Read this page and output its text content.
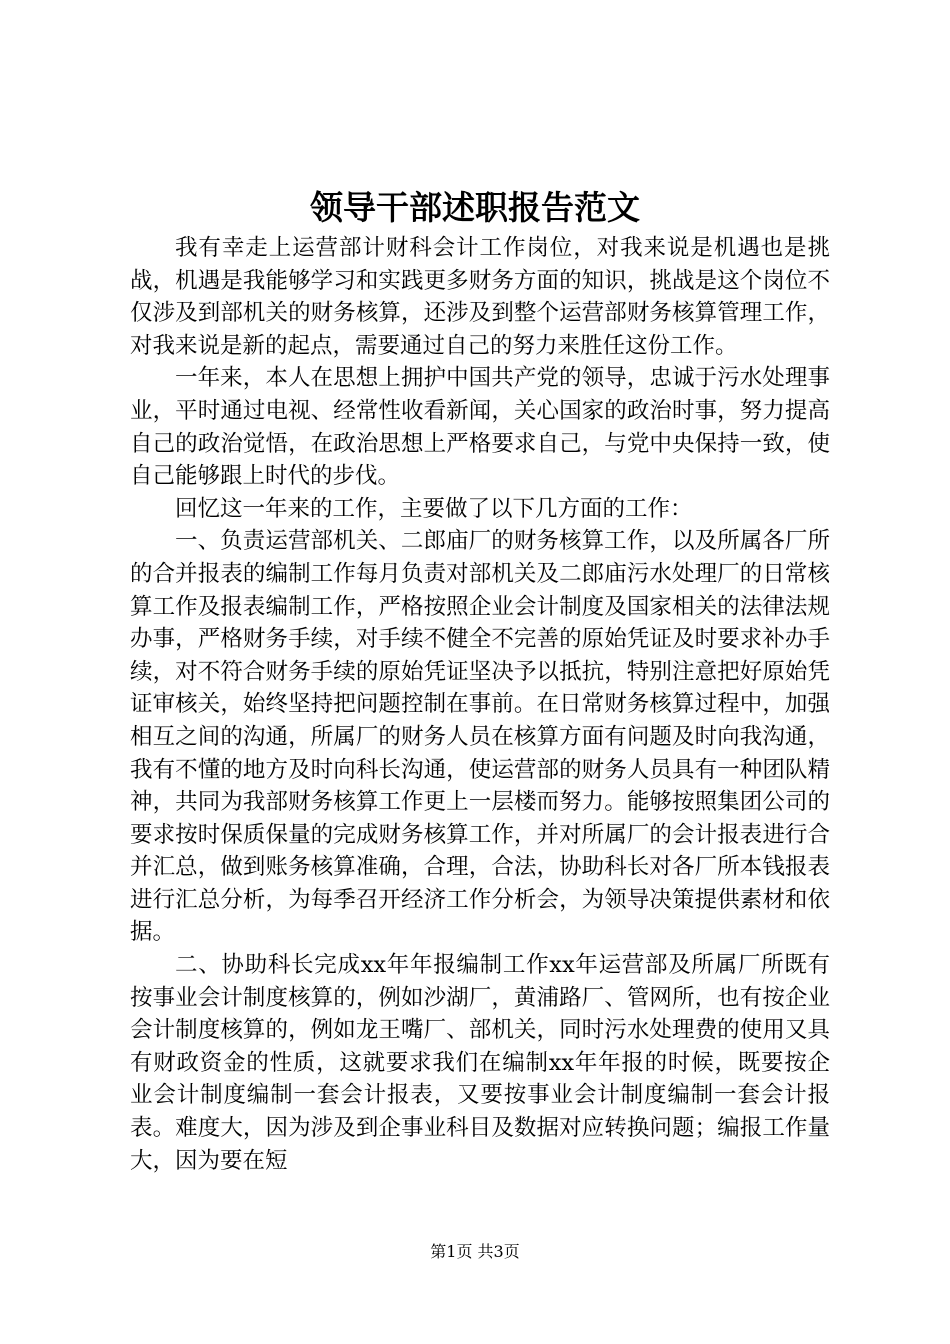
领导干部述职报告范文

我有幸走上运营部计财科会计工作岗位，对我来说是机遇也是挑战，机遇是我能够学习和实践更多财务方面的知识，挑战是这个岗位不仅涉及到部机关的财务核算，还涉及到整个运营部财务核算管理工作，对我来说是新的起点，需要通过自己的努力来胜任这份工作。

一年来，本人在思想上拥护中国共产党的领导，忠诚于污水处理事业，平时通过电视、经常性收看新闻，关心国家的政治时事，努力提高自己的政治觉悟，在政治思想上严格要求自己，与党中央保持一致，使自己能够跟上时代的步伐。

回忆这一年来的工作，主要做了以下几方面的工作：

一、负责运营部机关、二郎庙厂的财务核算工作，以及所属各厂所的合并报表的编制工作每月负责对部机关及二郎庙污水处理厂的日常核算工作及报表编制工作，严格按照企业会计制度及国家相关的法律法规办事，严格财务手续，对手续不健全不完善的原始凭证及时要求补办手续，对不符合财务手续的原始凭证坚决予以抵抗，特别注意把好原始凭证审核关，始终坚持把问题控制在事前。在日常财务核算过程中，加强相互之间的沟通，所属厂的财务人员在核算方面有问题及时向我沟通，我有不懂的地方及时向科长沟通，使运营部的财务人员具有一种团队精神，共同为我部财务核算工作更上一层楼而努力。能够按照集团公司的要求按时保质保量的完成财务核算工作，并对所属厂的会计报表进行合并汇总，做到账务核算准确，合理，合法，协助科长对各厂所本钱报表进行汇总分析，为每季召开经济工作分析会，为领导决策提供素材和依据。

二、协助科长完成xx年年报编制工作xx年运营部及所属厂所既有按事业会计制度核算的，例如沙湖厂，黄浦路厂、管网所，也有按企业会计制度核算的，例如龙王嘴厂、部机关，同时污水处理费的使用又具有财政资金的性质，这就要求我们在编制xx年年报的时候，既要按企业会计制度编制一套会计报表，又要按事业会计制度编制一套会计报表。难度大，因为涉及到企事业科目及数据对应转换问题；编报工作量大，因为要在短

第1页 共3页
